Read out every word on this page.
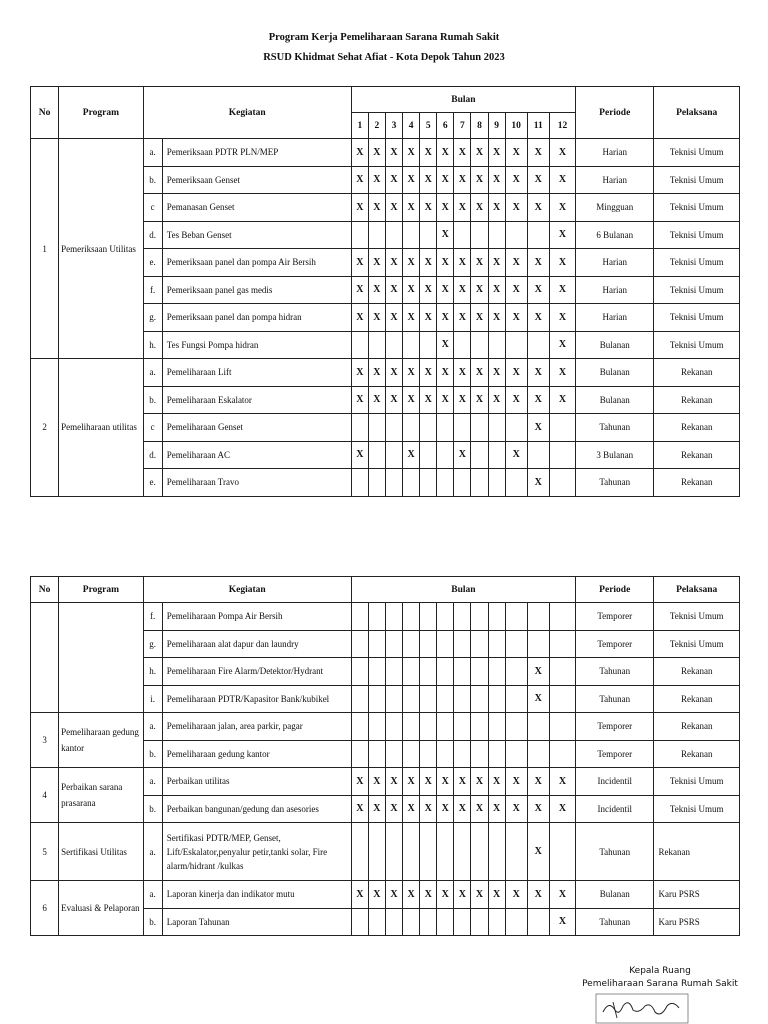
Program Kerja Pemeliharaan Sarana Rumah Sakit
RSUD Khidmat Sehat Afiat - Kota Depok Tahun 2023
No	Program	Kegiatan		Bulan												Periode	Pelaksana
				1	2	3	4	5	6	7	8	9	10	11	12		
1	Pemeriksaan Utilitas	a.	Pemeriksaan PDTR PLN/MEP	X	X	X	X	X	X	X	X	X	X	X	X	Harian	Teknisi Umum
		b.	Pemeriksaan Genset	X	X	X	X	X	X	X	X	X	X	X	X	Harian	Teknisi Umum
		c	Pemanasan Genset	X	X	X	X	X	X	X	X	X	X	X	X	Mingguan	Teknisi Umum
		d.	Tes Beban Genset						X						X	6 Bulanan	Teknisi Umum
		e.	Pemeriksaan panel dan pompa Air Bersih	X	X	X	X	X	X	X	X	X	X	X	X	Harian	Teknisi Umum
		f.	Pemeriksaan panel gas medis	X	X	X	X	X	X	X	X	X	X	X	X	Harian	Teknisi Umum
		g.	Pemeriksaan panel dan pompa hidran	X	X	X	X	X	X	X	X	X	X	X	X	Harian	Teknisi Umum
		h.	Tes Fungsi Pompa hidran						X						X	Bulanan	Teknisi Umum
2	Pemeliharaan utilitas	a.	Pemeliharaan Lift	X	X	X	X	X	X	X	X	X	X	X	X	Bulanan	Rekanan
		b.	Pemeliharaan Eskalator	X	X	X	X	X	X	X	X	X	X	X	X	Bulanan	Rekanan
		c	Pemeliharaan Genset											X		Tahunan	Rekanan
		d.	Pemeliharaan AC	X			X			X			X			3 Bulanan	Rekanan
		e.	Pemeliharaan Travo											X		Tahunan	Rekanan
No	Program	Kegiatan		Bulan												Periode	Pelaksana
		f.	Pemeliharaan Pompa Air Bersih													Temporer	Teknisi Umum
		g.	Pemeliharaan alat dapur dan laundry													Temporer	Teknisi Umum
		h.	Pemeliharaan Fire Alarm/Detektor/Hydrant											X		Tahunan	Rekanan
		i.	Pemeliharaan PDTR/Kapasitor Bank/kubikel											X		Tahunan	Rekanan
3	Pemeliharaan gedung kantor	a.	Pemeliharaan jalan, area parkir, pagar													Temporer	Rekanan
		b.	Pemeliharaan gedung kantor													Temporer	Rekanan
4	Perbaikan sarana prasarana	a.	Perbaikan utilitas	X	X	X	X	X	X	X	X	X	X	X	X	Incidentil	Teknisi Umum
		b.	Perbaikan bangunan/gedung dan asesories	X	X	X	X	X	X	X	X	X	X	X	X	Incidentil	Teknisi Umum
5	Sertifikasi Utilitas	a.	Sertifikasi PDTR/MEP, Genset, Lift/Eskalator,penyalur petir,tanki solar, Fire alarm/hidrant /kulkas											X		Tahunan	Rekanan
6	Evaluasi & Pelaporan	a.	Laporan kinerja dan indikator mutu	X	X	X	X	X	X	X	X	X	X	X	X	Bulanan	Karu PSRS
		b.	Laporan Tahunan												X	Tahunan	Karu PSRS
Kepala Ruang
Pemeliharaan Sarana Rumah Sakit
